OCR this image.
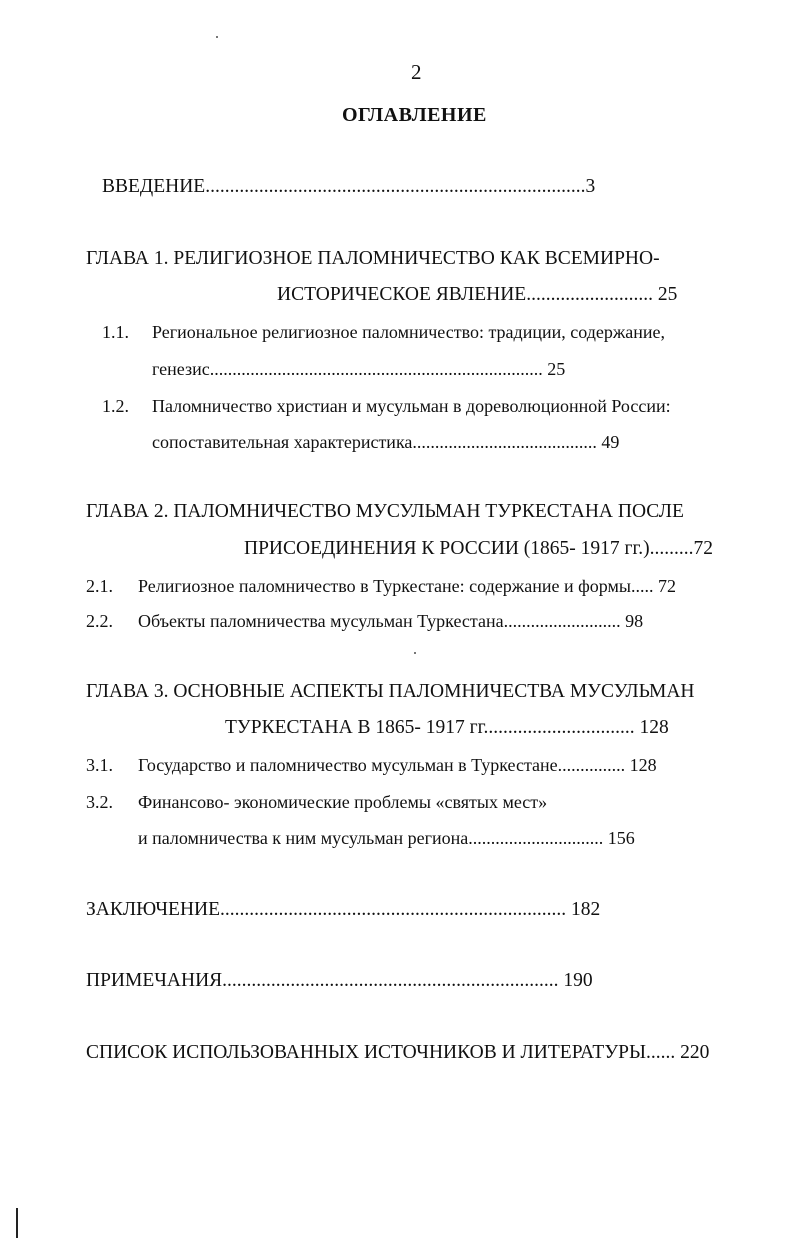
2
ОГЛАВЛЕНИЕ
ВВЕДЕНИЕ..............................................................................3
ГЛАВА 1. РЕЛИГИОЗНОЕ ПАЛОМНИЧЕСТВО КАК ВСЕМИРНО-
ИСТОРИЧЕСКОЕ ЯВЛЕНИЕ.......................... 25
1.1. Региональное религиозное паломничество: традиции, содержание,
генезис.......................................................................... 25
1.2. Паломничество христиан и мусульман в дореволюционной России:
сопоставительная характеристика......................................... 49
ГЛАВА 2. ПАЛОМНИЧЕСТВО МУСУЛЬМАН ТУРКЕСТАНА ПОСЛЕ
ПРИСОЕДИНЕНИЯ К РОССИИ (1865- 1917 гг.).........72
2.1. Религиозное паломничество в Туркестане: содержание и формы..... 72
2.2. Объекты паломничества мусульман Туркестана.......................... 98
ГЛАВА 3. ОСНОВНЫЕ АСПЕКТЫ ПАЛОМНИЧЕСТВА МУСУЛЬМАН
ТУРКЕСТАНА В 1865- 1917 гг............................... 128
3.1. Государство и паломничество мусульман в Туркестане............... 128
3.2. Финансово- экономические проблемы «святых мест»
и паломничества к ним мусульман региона.............................. 156
ЗАКЛЮЧЕНИЕ....................................................................... 182
ПРИМЕЧАНИЯ..................................................................... 190
СПИСОК ИСПОЛЬЗОВАННЫХ ИСТОЧНИКОВ И ЛИТЕРАТУРЫ...... 220
